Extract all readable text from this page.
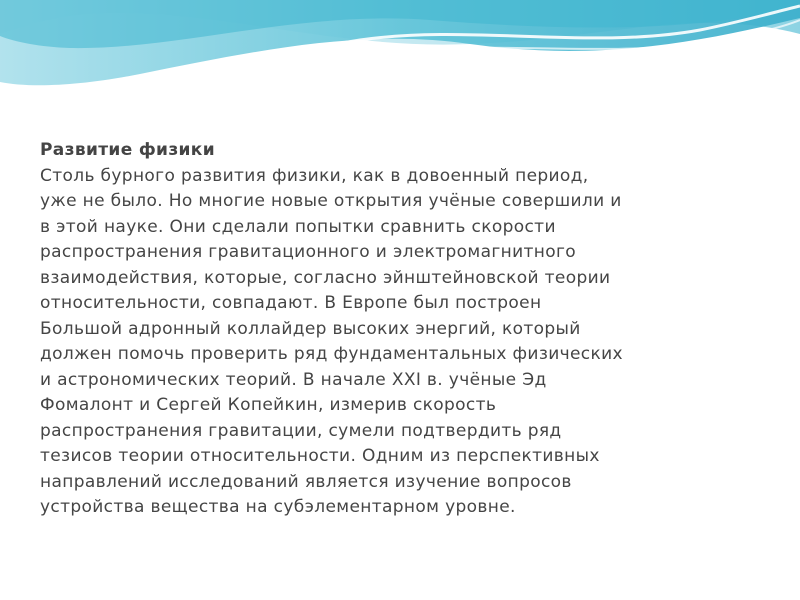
Развитие физики

Столь бурного развития физики, как в довоенный период,
уже не было. Но многие новые открытия учёные совершили и
в этой науке. Они сделали попытки сравнить скорости
распространения гравитационного и электромагнитного
взаимодействия, которые, согласно эйнштейновской теории
относительности, совпадают. В Европе был построен
Большой адронный коллайдер высоких энергий, который
должен помочь проверить ряд фундаментальных физических
и астрономических теорий. В начале XXI в. учёные Эд
Фомалонт и Сергей Копейкин, измерив скорость
распространения гравитации, сумели подтвердить ряд
тезисов теории относительности. Одним из перспективных
направлений исследований является изучение вопросов
устройства вещества на субэлементарном уровне.
